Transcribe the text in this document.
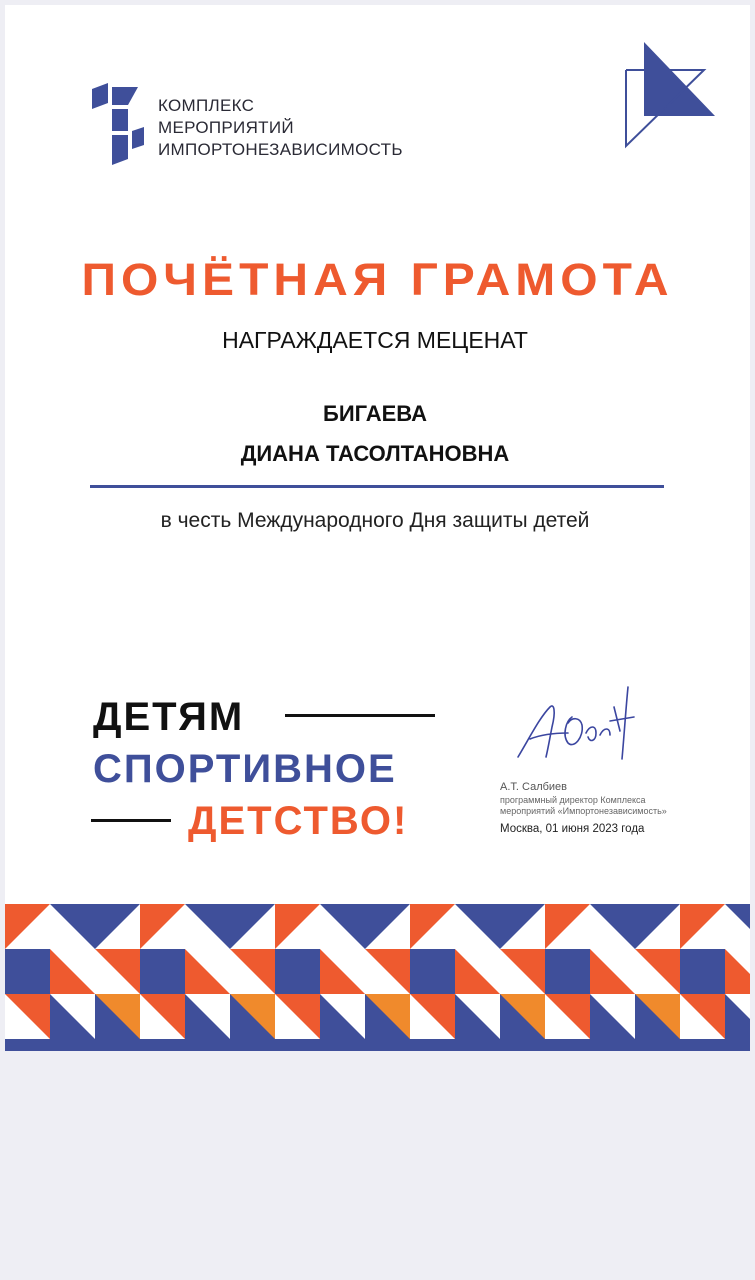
КОМПЛЕКС
МЕРОПРИЯТИЙ
ИМПОРТОНЕЗАВИСИМОСТЬ
ПОЧЁТНАЯ ГРАМОТА
НАГРАЖДАЕТСЯ МЕЦЕНАТ
БИГАЕВА
ДИАНА ТАСОЛТАНОВНА
в честь Международного Дня защиты детей
ДЕТЯМ
СПОРТИВНОЕ
ДЕТСТВО!
А.Т. Салбиев
программный директор Комплекса
мероприятий «Импортонезависимость»
Москва, 01 июня 2023 года
